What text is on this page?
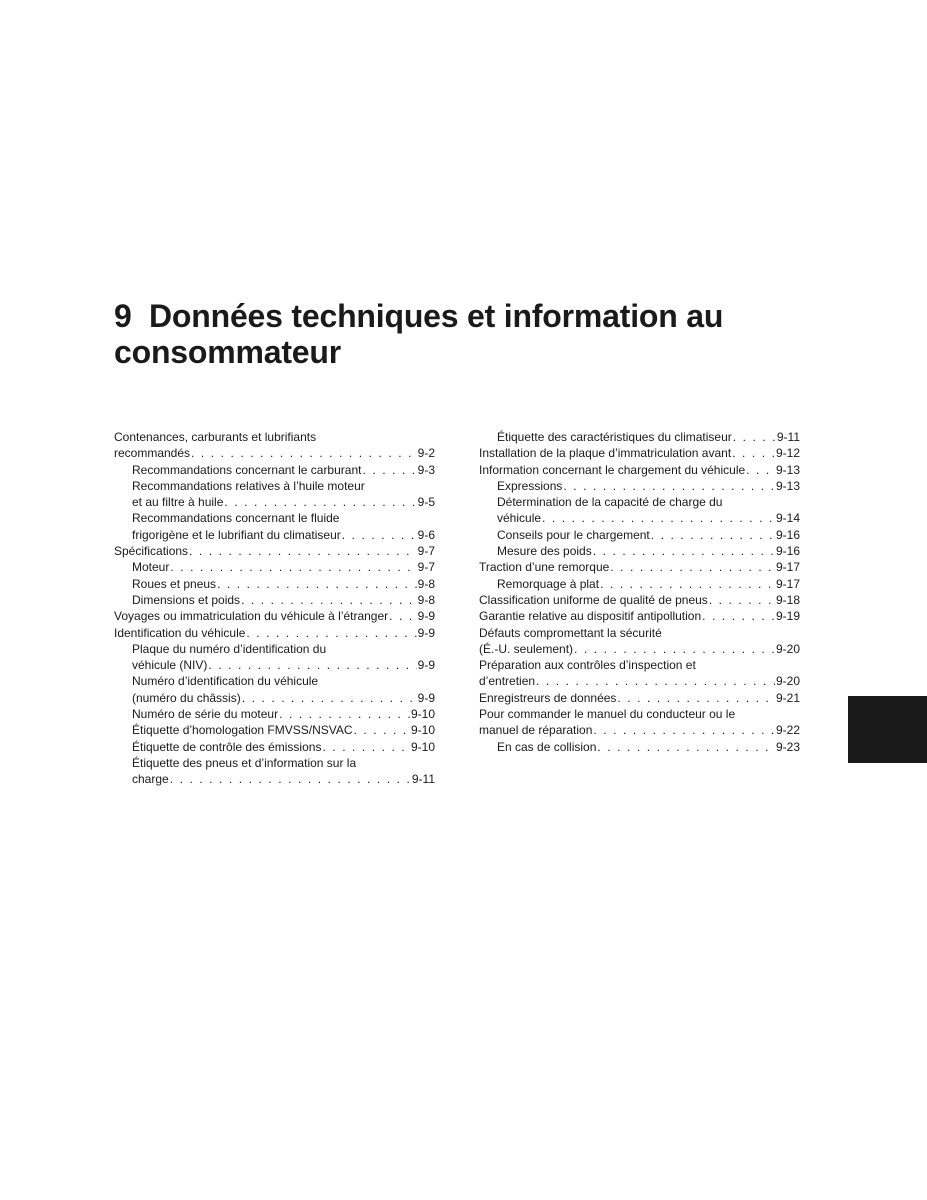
9 Données techniques et information au
consommateur
Contenances, carburants et lubrifiants
recommandés . . .	9-2
Recommandations concernant le carburant . . .	9-3
Recommandations relatives à l’huile moteur
et au filtre à huile . . .	9-5
Recommandations concernant le fluide
frigorigène et le lubrifiant du climatiseur . . .	9-6
Spécifications . . .	9-7
Moteur . . .	9-7
Roues et pneus . . .	9-8
Dimensions et poids . . .	9-8
Voyages ou immatriculation du véhicule à l’étranger . . . 9-9
Identification du véhicule . . .	9-9
Plaque du numéro d’identification du
véhicule (NIV) . . .	9-9
Numéro d’identification du véhicule
(numéro du châssis) . . .	9-9
Numéro de série du moteur . . .	9-10
Étiquette d’homologation FMVSS/NSVAC . . .	9-10
Étiquette de contrôle des émissions . . .	9-10
Étiquette des pneus et d’information sur la
charge . . .	9-11
Étiquette des caractéristiques du climatiseur . . .	9-11
Installation de la plaque d’immatriculation avant . . .	9-12
Information concernant le chargement du véhicule . . .	9-13
Expressions . . .	9-13
Détermination de la capacité de charge du
véhicule . . .	9-14
Conseils pour le chargement . . .	9-16
Mesure des poids . . .	9-16
Traction d’une remorque . . .	9-17
Remorquage à plat . . .	9-17
Classification uniforme de qualité de pneus . . .	9-18
Garantie relative au dispositif antipollution . . .	9-19
Défauts compromettant la sécurité
(É.-U. seulement) . . .	9-20
Préparation aux contrôles d’inspection et
d’entretien . . .	9-20
Enregistreurs de données . . .	9-21
Pour commander le manuel du conducteur ou le
manuel de réparation . . .	9-22
En cas de collision . . .	9-23
